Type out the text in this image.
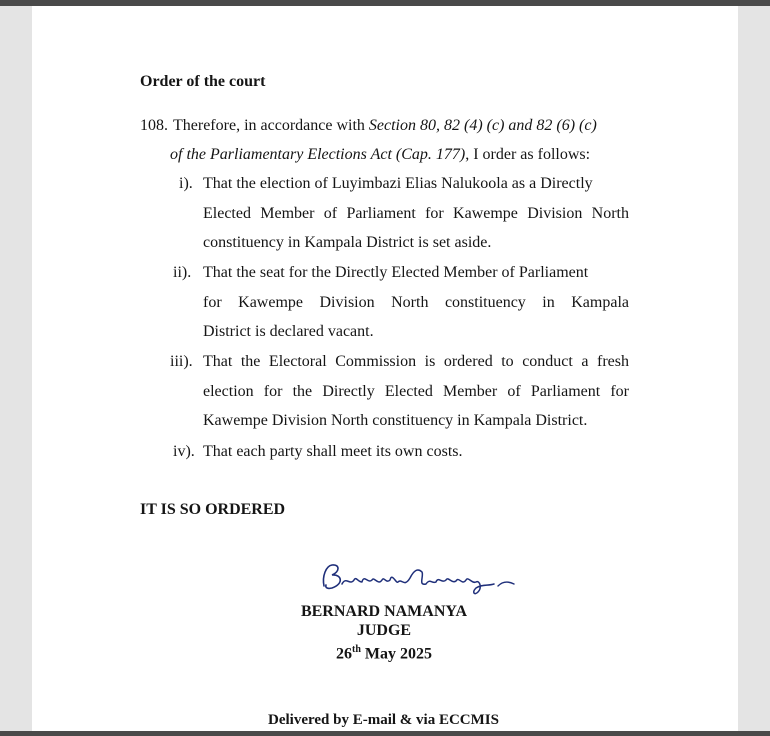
Order of the court
108. Therefore, in accordance with Section 80, 82 (4) (c) and 82 (6) (c)
of the Parliamentary Elections Act (Cap. 177), I order as follows:
i). That the election of Luyimbazi Elias Nalukoola as a Directly
Elected Member of Parliament for Kawempe Division North
constituency in Kampala District is set aside.
ii). That the seat for the Directly Elected Member of Parliament
for Kawempe Division North constituency in Kampala
District is declared vacant.
iii). That the Electoral Commission is ordered to conduct a fresh
election for the Directly Elected Member of Parliament for
Kawempe Division North constituency in Kampala District.
iv). That each party shall meet its own costs.
IT IS SO ORDERED
BERNARD NAMANYA
JUDGE
26th May 2025
Delivered by E-mail & via ECCMIS
